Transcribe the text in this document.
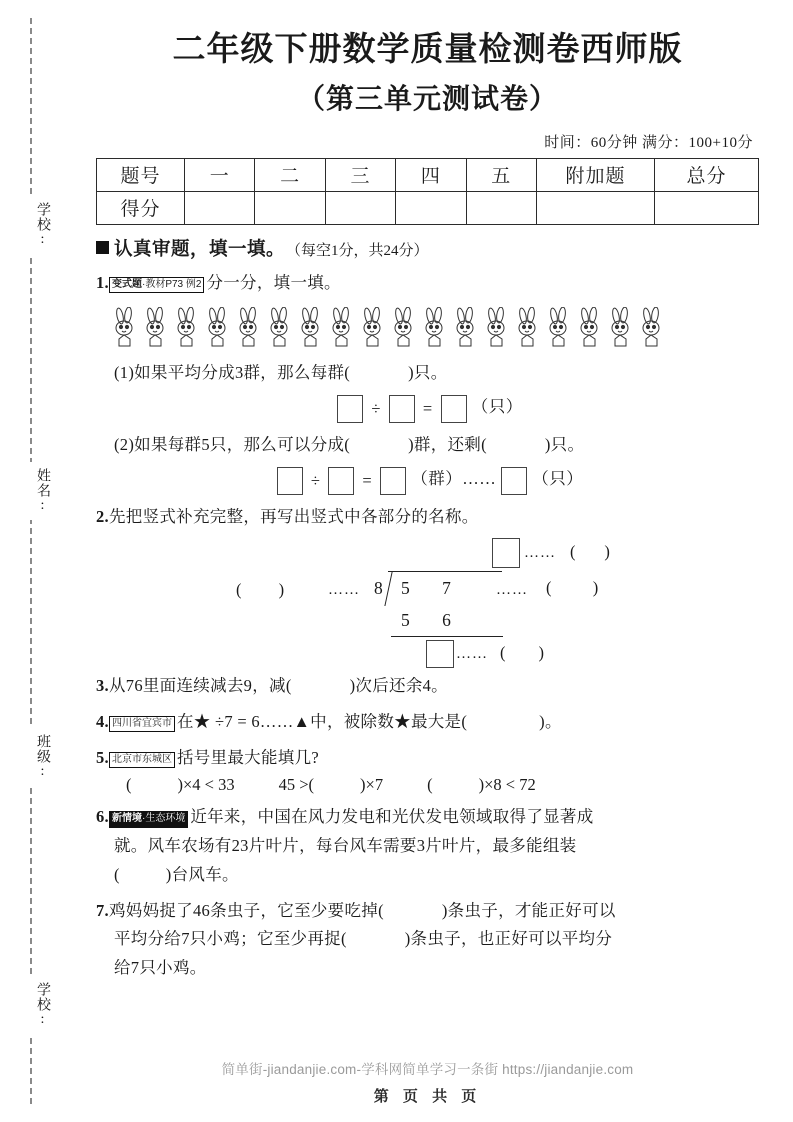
学校:
姓名:
班级:
学校:
二年级下册数学质量检测卷西师版
（第三单元测试卷）
时间：60分钟 满分：100+10分
题号	一	二	三	四	五	附加题	总分
得分							
认真审题，填一填。 （每空1分，共24分）
1. 变式题·教材P73 例2 分一分，填一填。
(1)如果平均分成3群，那么每群(	)只。
÷	= （只）
(2)如果每群5只，那么可以分成(	)群，还剩(	)只。
÷	= （群）…… （只）
2.先把竖式补充完整，再写出竖式中各部分的名称。
…… (       )
(         )	…… 8 5 7 …… (          )
5 6
…… (        )
3.从76里面连续减去9，减(	)次后还余4。
4. 四川省宜宾市 在★ ÷7 = 6……▲中，被除数★最大是(	)。
5. 北京市东城区 括号里最大能填几?
(	)×4 < 33	45 >(	)×7	(	)×8 < 72
6. 新情境·生态环境 近年来，中国在风力发电和光伏发电领域取得了显著成
就。风车农场有23片叶片，每台风车需要3片叶片，最多能组装
(	)台风车。
7.鸡妈妈捉了46条虫子，它至少要吃掉(	)条虫子，才能正好可以
平均分给7只小鸡；它至少再捉(	)条虫子，也正好可以平均分
给7只小鸡。
简单街-jiandanjie.com-学科网简单学习一条街 https://jiandanjie.com
第 页 共 页
